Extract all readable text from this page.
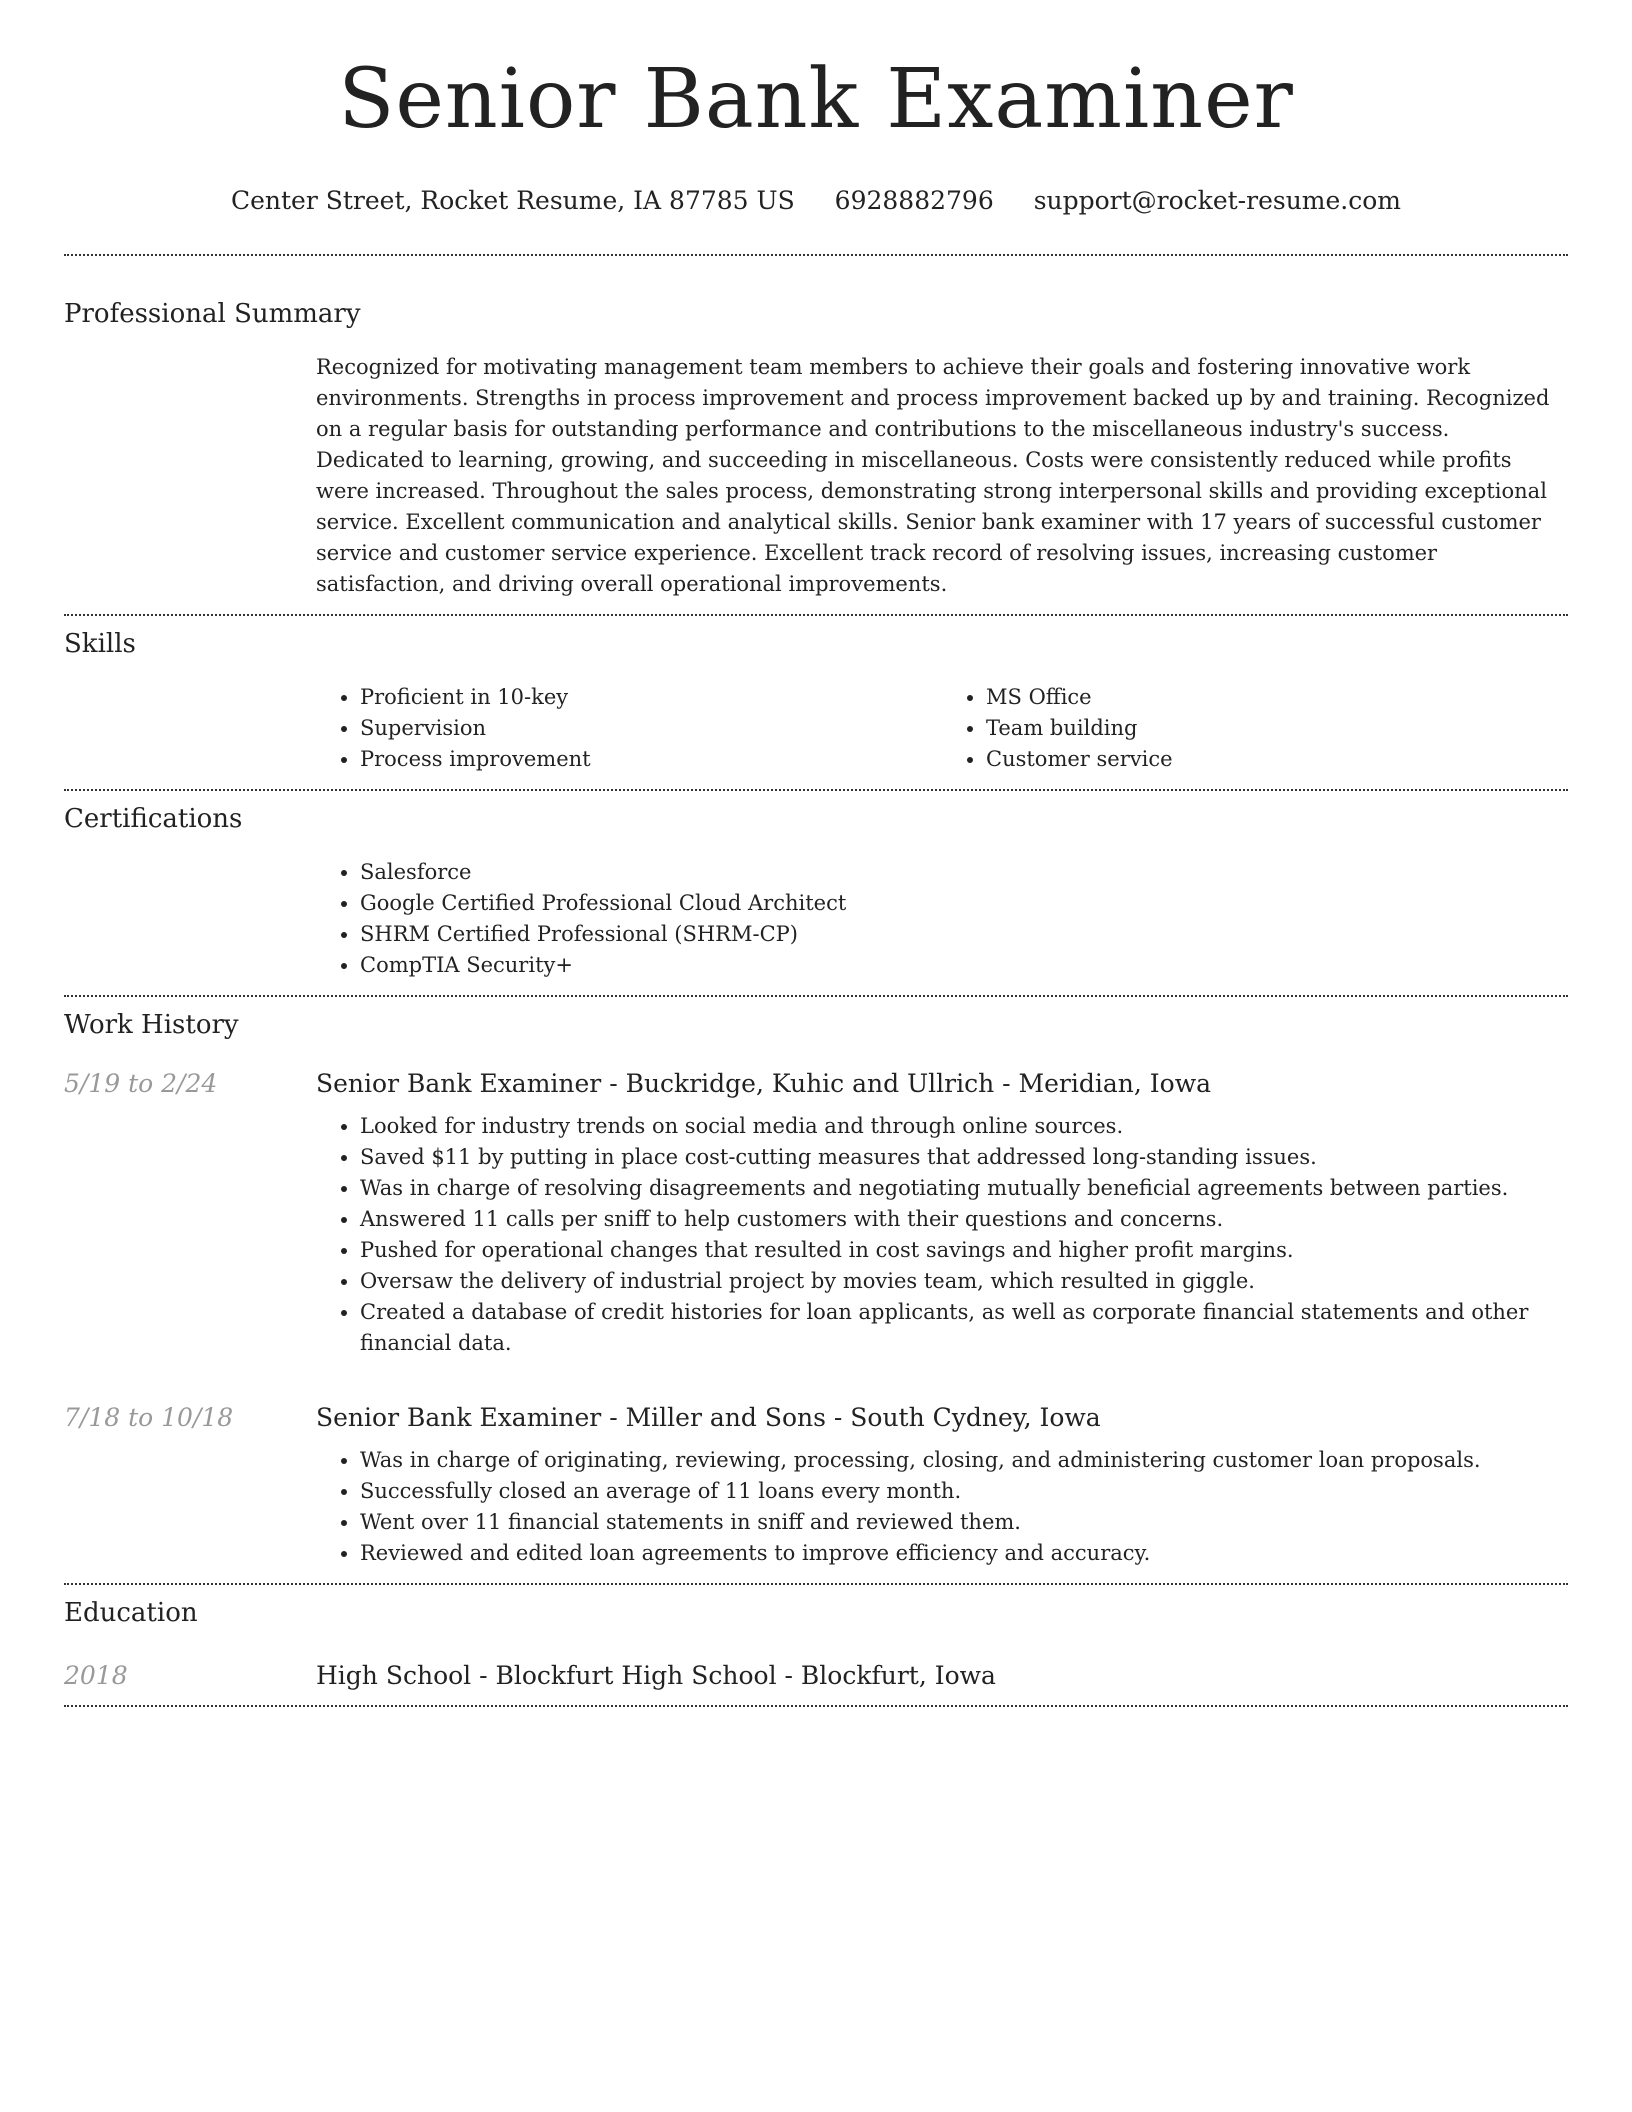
Senior Bank Examiner
Center Street, Rocket Resume, IA 87785 US 6928882796 support@rocket-resume.com
Professional Summary
Recognized for motivating management team members to achieve their goals and fostering innovative work environments. Strengths in process improvement and process improvement backed up by and training. Recognized on a regular basis for outstanding performance and contributions to the miscellaneous industry's success. Dedicated to learning, growing, and succeeding in miscellaneous. Costs were consistently reduced while profits were increased. Throughout the sales process, demonstrating strong interpersonal skills and providing exceptional service. Excellent communication and analytical skills. Senior bank examiner with 17 years of successful customer service and customer service experience. Excellent track record of resolving issues, increasing customer satisfaction, and driving overall operational improvements.
Skills
• Proficient in 10-key
• Supervision
• Process improvement
• MS Office
• Team building
• Customer service
Certifications
• Salesforce
• Google Certified Professional Cloud Architect
• SHRM Certified Professional (SHRM-CP)
• CompTIA Security+
Work History
5/19 to 2/24	Senior Bank Examiner - Buckridge, Kuhic and Ullrich - Meridian, Iowa
• Looked for industry trends on social media and through online sources.
• Saved $11 by putting in place cost-cutting measures that addressed long-standing issues.
• Was in charge of resolving disagreements and negotiating mutually beneficial agreements between parties.
• Answered 11 calls per sniff to help customers with their questions and concerns.
• Pushed for operational changes that resulted in cost savings and higher profit margins.
• Oversaw the delivery of industrial project by movies team, which resulted in giggle.
• Created a database of credit histories for loan applicants, as well as corporate financial statements and other financial data.
7/18 to 10/18	Senior Bank Examiner - Miller and Sons - South Cydney, Iowa
• Was in charge of originating, reviewing, processing, closing, and administering customer loan proposals.
• Successfully closed an average of 11 loans every month.
• Went over 11 financial statements in sniff and reviewed them.
• Reviewed and edited loan agreements to improve efficiency and accuracy.
Education
2018	High School - Blockfurt High School - Blockfurt, Iowa
